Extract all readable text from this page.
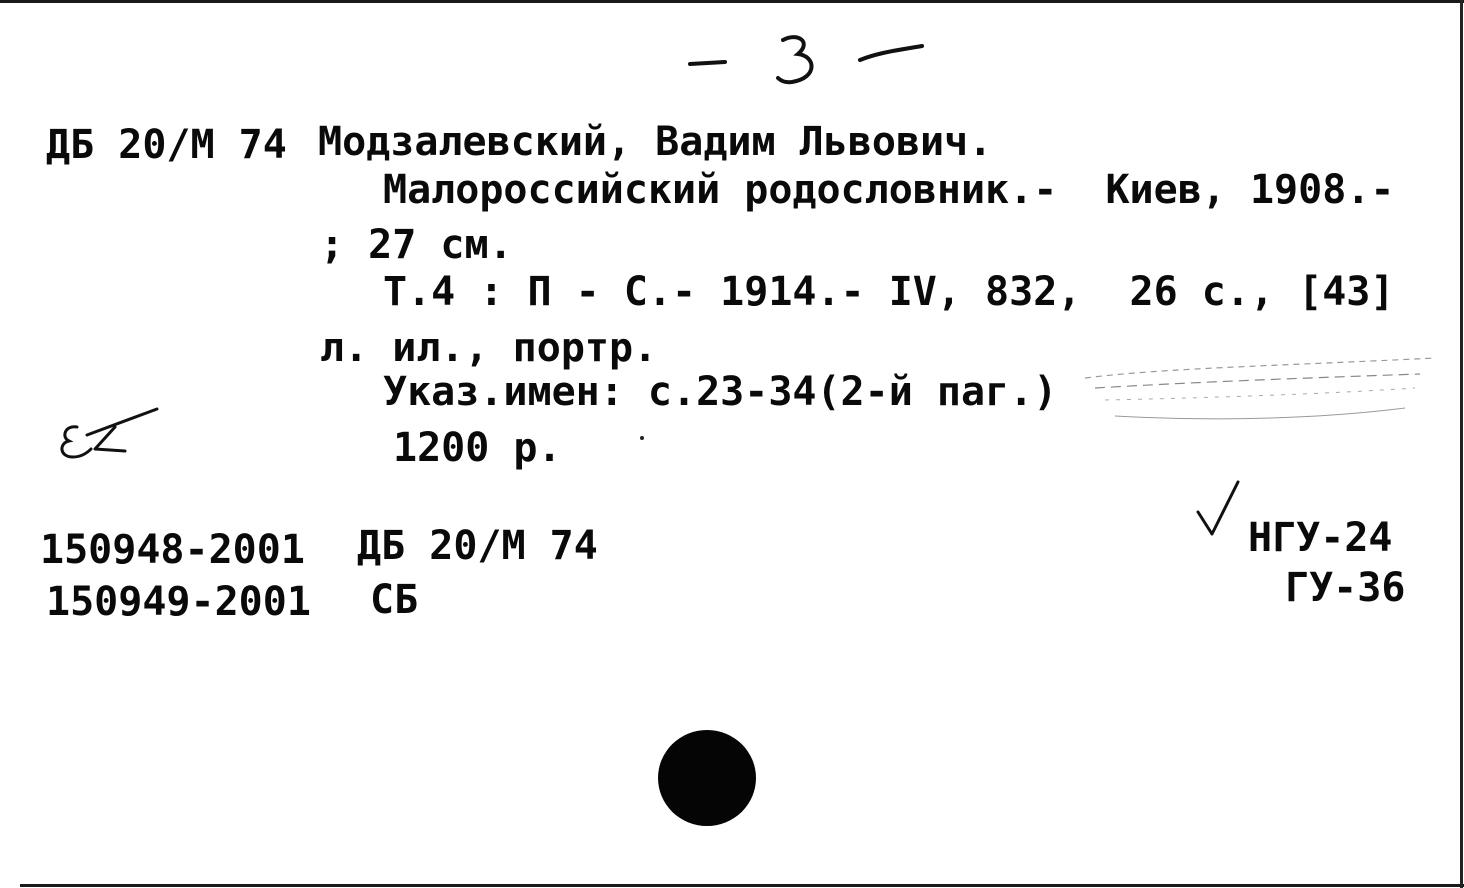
ДБ 20/М 74 Модзалевский, Вадим Львович.
Малороссийский родословник.-  Киев, 1908.-
; 27 см.
Т.4 : П - С.- 1914.- IV, 832,  26 с., [43]
л. ил., портр.
Указ.имен: с.23-34(2-й паг.)
1200 р.
150948-2001 ДБ 20/М 74
150949-2001 СБ
НГУ-24
ГУ-36
